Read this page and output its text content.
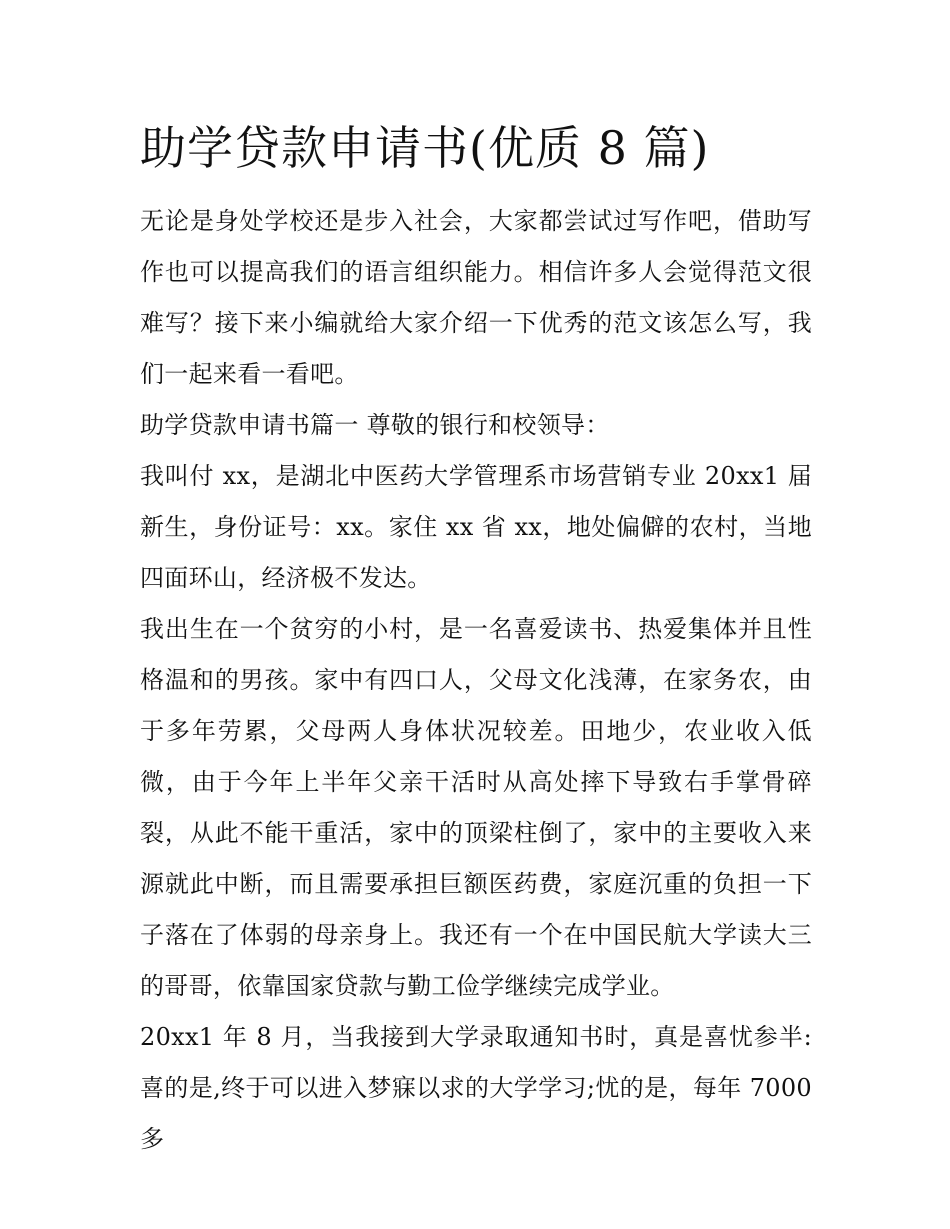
助学贷款申请书(优质 8 篇)

无论是身处学校还是步入社会，大家都尝试过写作吧，借助写作也可以提高我们的语言组织能力。相信许多人会觉得范文很难写？接下来小编就给大家介绍一下优秀的范文该怎么写，我们一起来看一看吧。

助学贷款申请书篇一 尊敬的银行和校领导：

我叫付 xx，是湖北中医药大学管理系市场营销专业 20xx1 届新生，身份证号：xx。家住 xx 省 xx，地处偏僻的农村，当地四面环山，经济极不发达。

我出生在一个贫穷的小村，是一名喜爱读书、热爱集体并且性格温和的男孩。家中有四口人，父母文化浅薄，在家务农，由于多年劳累，父母两人身体状况较差。田地少，农业收入低微，由于今年上半年父亲干活时从高处摔下导致右手掌骨碎裂，从此不能干重活，家中的顶梁柱倒了，家中的主要收入来源就此中断，而且需要承担巨额医药费，家庭沉重的负担一下子落在了体弱的母亲身上。我还有一个在中国民航大学读大三的哥哥，依靠国家贷款与勤工俭学继续完成学业。

20xx1 年 8 月，当我接到大学录取通知书时，真是喜忧参半:喜的是,终于可以进入梦寐以求的大学学习;忧的是，每年 7000 多
